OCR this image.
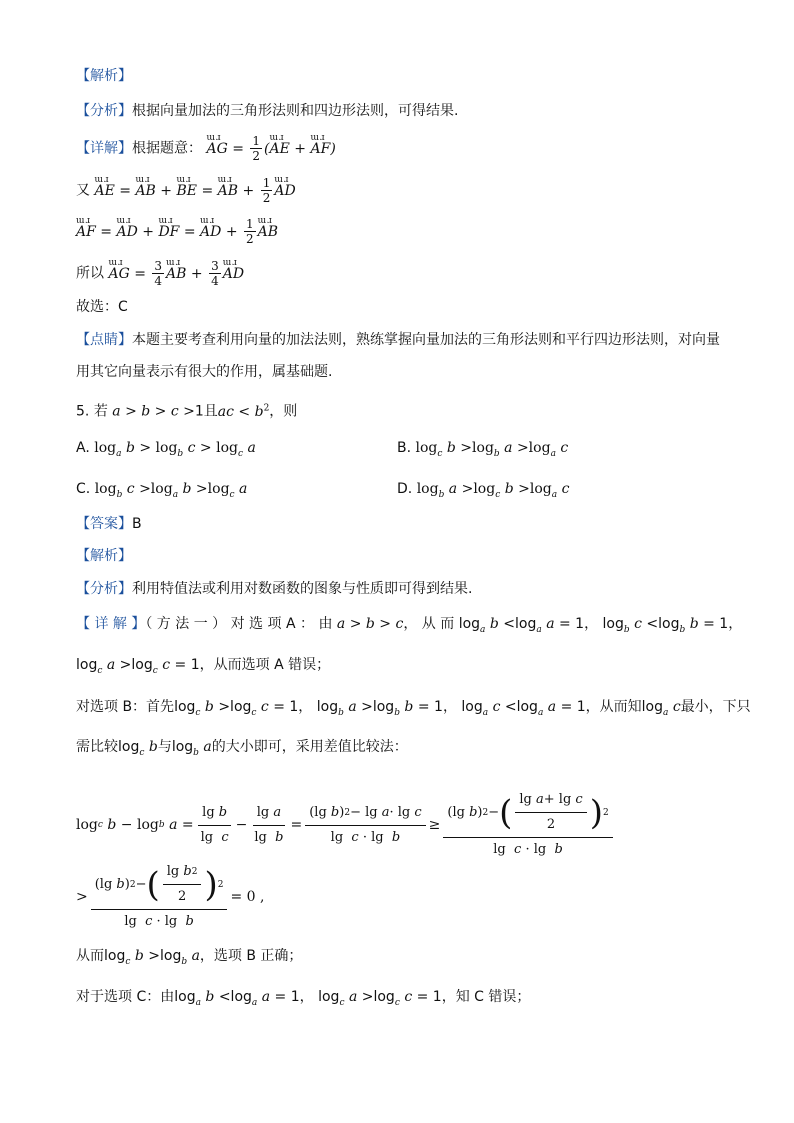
【解析】
【分析】根据向量加法的三角形法则和四边形法则，可得结果.
【详解】根据题意： ɯɹ AG = $\frac{1}{2}$ (ɯɹ AE + ɯɹ AF)
又 ɯɹ AE = ɯɹ AB + ɯɹ BE = ɯɹ AB + $\frac{1}{2}$ ɯɹ AD
ɯɹ AF = ɯɹ AD + ɯɹ DF = ɯɹ AD + $\frac{1}{2}$ ɯɹ AB
所以 ɯɹ AG = $\frac{3}{4}$ ɯɹ AB + $\frac{3}{4}$ ɯɹ AD
故选：C
【点睛】本题主要考查利用向量的加法法则，熟练掌握向量加法的三角形法则和平行四边形法则，对向量
用其它向量表示有很大的作用，属基础题.
5. 若 a > b > c >1且ac < $b^2$，则
A. $\log_a b > \log_b c > \log_c a$	B. $\log_c b >\log_b$ $a >\log_a$ c
C. $\log_b c >\log_a$ $b >\log_c$ a	D. $\log_b a >\log_c$ $b >\log_a$ c
【答案】B
【解析】
【分析】利用特值法或利用对数函数的图象与性质即可得到结果.
【 详 解 】（ 方 法 一 ） 对 选 项 A ： 由 a > b > c， 从 而 $\log_a b <\log_a$ a = 1， $\log_b c <\log_b$ b = 1，
$\log_c a >\log_c$ c = 1，从而选项 A 错误；
对选项 B：首先$\log_c b >\log_c$ c = 1， $\log_b a >\log_b$ b = 1， $\log_a c <\log_a$ a = 1，从而知$\log_a c$最小，下只
需比较$\log_c b$与$\log_b a$的大小即可，采用差值比较法：
log c
b − log b
$a = \frac{\text{lg b}}{\text{lg  c}} - \frac{\text{lg a}}{\text{lg  b}} = \frac{\text{(lg b ) 2 − lg a · lg c}}{\text{lg  c · lg  b}} \ge \frac{(\lg b ) 2 - ( \frac{\text{lg a + lg c}}{2} ) 2}{\text{lg  c · lg  b}}$
> $\frac{(\lg b ) 2 - ( \frac{\text{lg b 2}}{2} ) 2}{\text{lg  c · lg  b}} = 0$ ,
从而$\log_c b >\log_b$ a，选项 B 正确；
对于选项 C：由$\log_a b <\log_a$ a = 1， $\log_c a >\log_c$ c = 1，知 C 错误；
